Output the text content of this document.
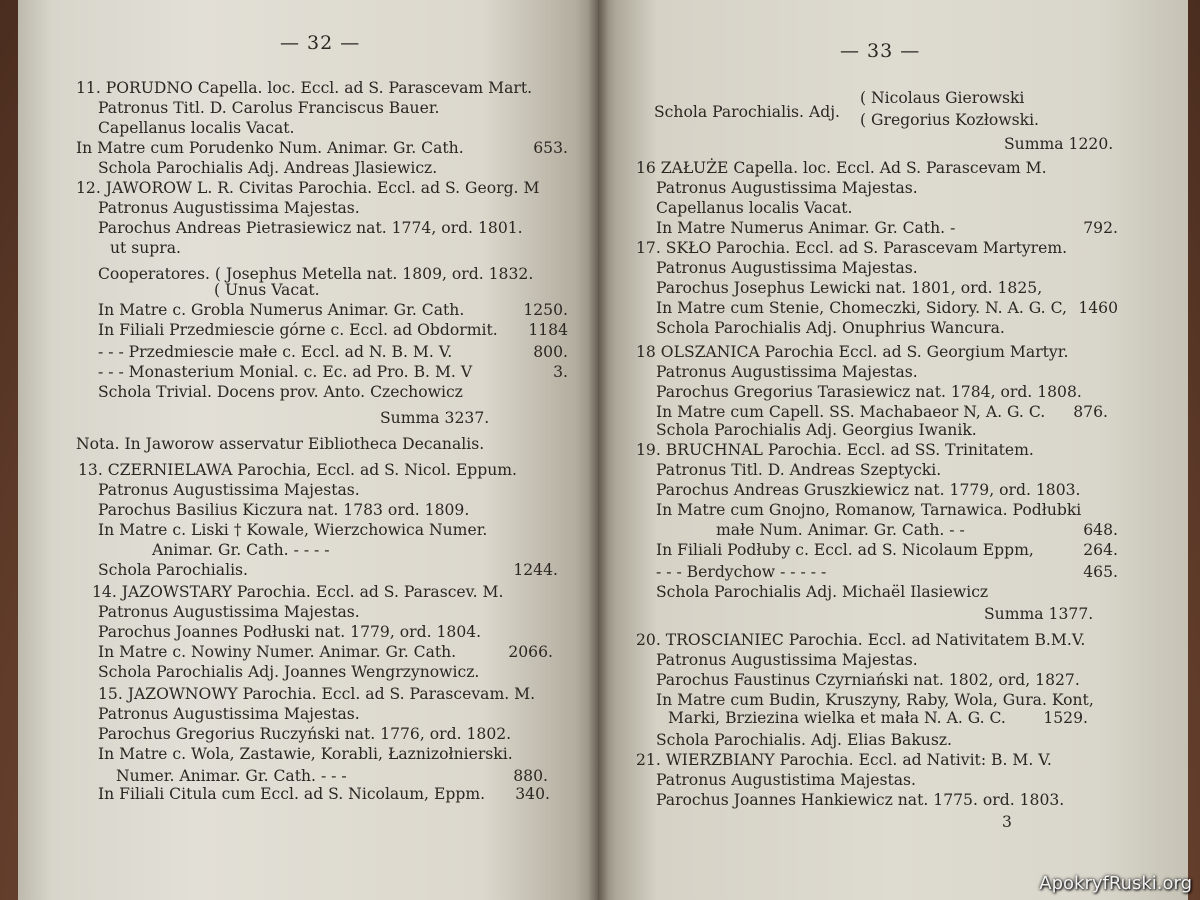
— 32 —
11. PORUDNO Capella. loc. Eccl. ad S. Parascevam Mart.
Patronus Titl. D. Carolus Franciscus Bauer.
Capellanus localis Vacat.
In Matre cum Porudenko Num. Animar. Gr. Cath.	653.
Schola Parochialis Adj. Andreas Jlasiewicz.
12. JAWOROW L. R. Civitas Parochia. Eccl. ad S. Georg. M
Patronus Augustissima Majestas.
Parochus Andreas Pietrasiewicz nat. 1774, ord. 1801.
ut supra.
Cooperatores. ( Josephus Metella nat. 1809, ord. 1832.
( Unus Vacat.
In Matre c. Grobla Numerus Animar. Gr. Cath.	1250.
In Filiali Przedmiescie górne c. Eccl. ad Obdormit. 1184
- - - Przedmiescie małe c. Eccl. ad N. B. M. V.	800.
- - - Monasterium Monial. c. Ec. ad Pro. B. M. V	3.
Schola Trivial. Docens prov. Anto. Czechowicz
Summa 3237.
Nota. In Jaworow asservatur Eibliotheca Decanalis.
13. CZERNIELAWA Parochia, Eccl. ad S. Nicol. Eppum.
Patronus Augustissima Majestas.
Parochus Basilius Kiczura nat. 1783 ord. 1809.
In Matre c. Liski † Kowale, Wierzchowica Numer.
Animar. Gr. Cath. - - - -
Schola Parochialis.	1244.
14. JAZOWSTARY Parochia. Eccl. ad S. Parascev. M.
Patronus Augustissima Majestas.
Parochus Joannes Podłuski nat. 1779, ord. 1804.
In Matre c. Nowiny Numer. Animar. Gr. Cath.	2066.
Schola Parochialis Adj. Joannes Wengrzynowicz.
15. JAZOWNOWY Parochia. Eccl. ad S. Parascevam. M.
Patronus Augustissima Majestas.
Parochus Gregorius Ruczyński nat. 1776, ord. 1802.
In Matre c. Wola, Zastawie, Korabli, Łaznizołnierski.
Numer. Animar. Gr. Cath. - - -	880.
In Filiali Citula cum Eccl. ad S. Nicolaum, Eppm. 340.
— 33 —
( Nicolaus Gierowski
Schola Parochialis. Adj. ( Gregorius Kozłowski.
Summa 1220.
16 ZAŁUŻE Capella. loc. Eccl. Ad S. Parascevam M.
Patronus Augustissima Majestas.
Capellanus localis Vacat.
In Matre Numerus Animar. Gr. Cath. -	792.
17. SKŁO Parochia. Eccl. ad S. Parascevam Martyrem.
Patronus Augustissima Majestas.
Parochus Josephus Lewicki nat. 1801, ord. 1825,
In Matre cum Stenie, Chomeczki, Sidory. N. A. G. C, 1460
Schola Parochialis Adj. Onuphrius Wancura.
18 OLSZANICA Parochia Eccl. ad S. Georgium Martyr.
Patronus Augustissima Majestas.
Parochus Gregorius Tarasiewicz nat. 1784, ord. 1808.
In Matre cum Capell. SS. Machabaeor N, A. G. C. 876.
Schola Parochialis Adj. Georgius Iwanik.
19. BRUCHNAL Parochia. Eccl. ad SS. Trinitatem.
Patronus Titl. D. Andreas Szeptycki.
Parochus Andreas Gruszkiewicz nat. 1779, ord. 1803.
In Matre cum Gnojno, Romanow, Tarnawica. Podłubki
małe Num. Animar. Gr. Cath. - -	648.
In Filiali Podłuby c. Eccl. ad S. Nicolaum Eppm,	264.
- - - Berdychow - - - - -	465.
Schola Parochialis Adj. Michaël Ilasiewicz
Summa 1377.
20. TROSCIANIEC Parochia. Eccl. ad Nativitatem B.M.V.
Patronus Augustissima Majestas.
Parochus Faustinus Czyrniański nat. 1802, ord, 1827.
In Matre cum Budin, Kruszyny, Raby, Wola, Gura. Kont,
Marki, Brziezina wielka et mała N. A. G. C. 1529.
Schola Parochialis. Adj. Elias Bakusz.
21. WIERZBIANY Parochia. Eccl. ad Nativit: B. M. V.
Patronus Augustistima Majestas.
Parochus Joannes Hankiewicz nat. 1775. ord. 1803.
3
ApokryfRuski.org
